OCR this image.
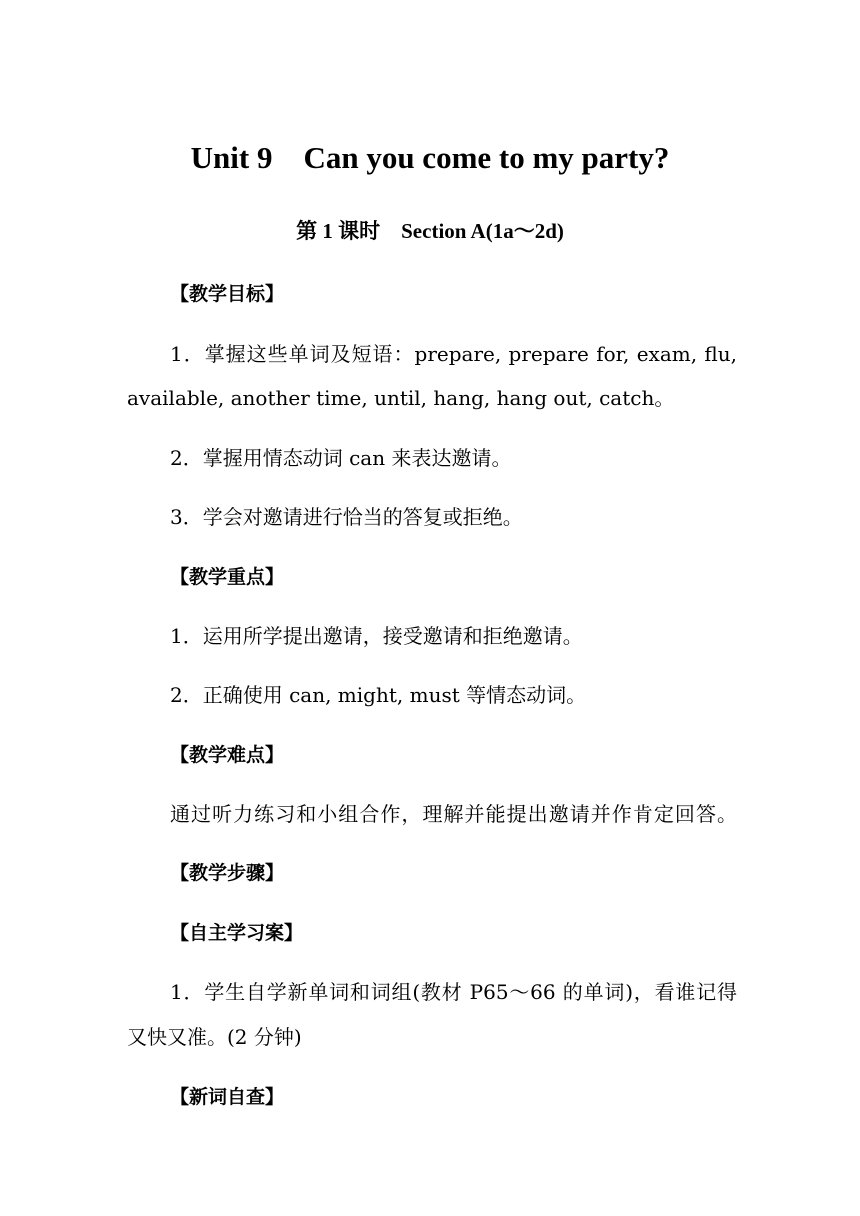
Unit 9    Can you come to my party?
第 1 课时    Section A(1a～2d)
【教学目标】
1．掌握这些单词及短语：prepare, prepare for, exam, flu,
available, another time, until, hang, hang out, catch。
2．掌握用情态动词 can 来表达邀请。
3．学会对邀请进行恰当的答复或拒绝。
【教学重点】
1．运用所学提出邀请，接受邀请和拒绝邀请。
2．正确使用 can, might, must 等情态动词。
【教学难点】
通过听力练习和小组合作，理解并能提出邀请并作肯定回答。
【教学步骤】
【自主学习案】
1．学生自学新单词和词组(教材 P65～66 的单词)，看谁记得
又快又准。(2 分钟)
【新词自查】
